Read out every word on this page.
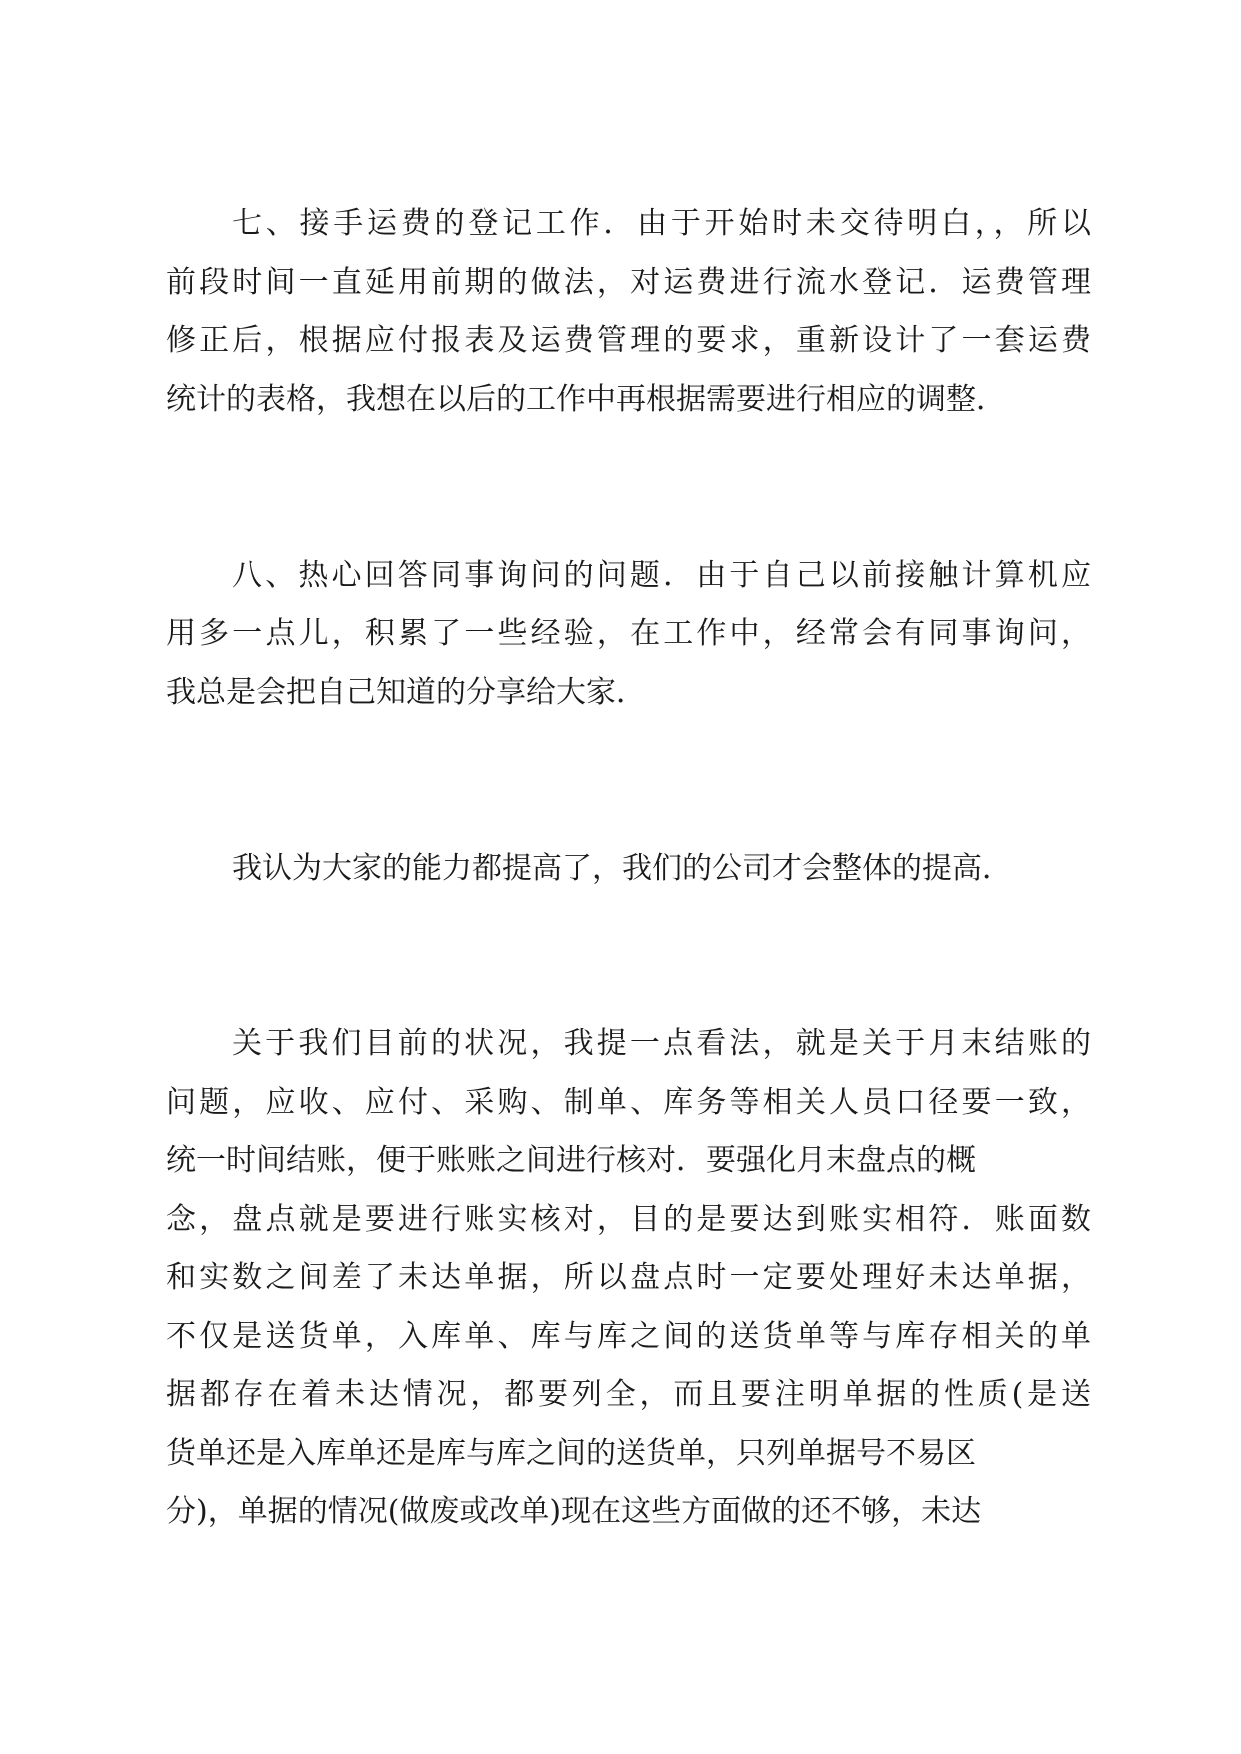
七、接手运费的登记工作．由于开始时未交待明白，，所以

前段时间一直延用前期的做法，对运费进行流水登记．运费管理

修正后，根据应付报表及运费管理的要求，重新设计了一套运费

统计的表格，我想在以后的工作中再根据需要进行相应的调整．

八、热心回答同事询问的问题．由于自己以前接触计算机应

用多一点儿，积累了一些经验，在工作中，经常会有同事询问，

我总是会把自己知道的分享给大家．

我认为大家的能力都提高了，我们的公司才会整体的提高．

关于我们目前的状况，我提一点看法，就是关于月末结账的

问题，应收、应付、采购、制单、库务等相关人员口径要一致，

统一时间结账，便于账账之间进行核对．要强化月末盘点的概

念，盘点就是要进行账实核对，目的是要达到账实相符．账面数

和实数之间差了未达单据，所以盘点时一定要处理好未达单据，

不仅是送货单，入库单、库与库之间的送货单等与库存相关的单

据都存在着未达情况，都要列全，而且要注明单据的性质(是送

货单还是入库单还是库与库之间的送货单，只列单据号不易区

分)，单据的情况(做废或改单)现在这些方面做的还不够，未达
